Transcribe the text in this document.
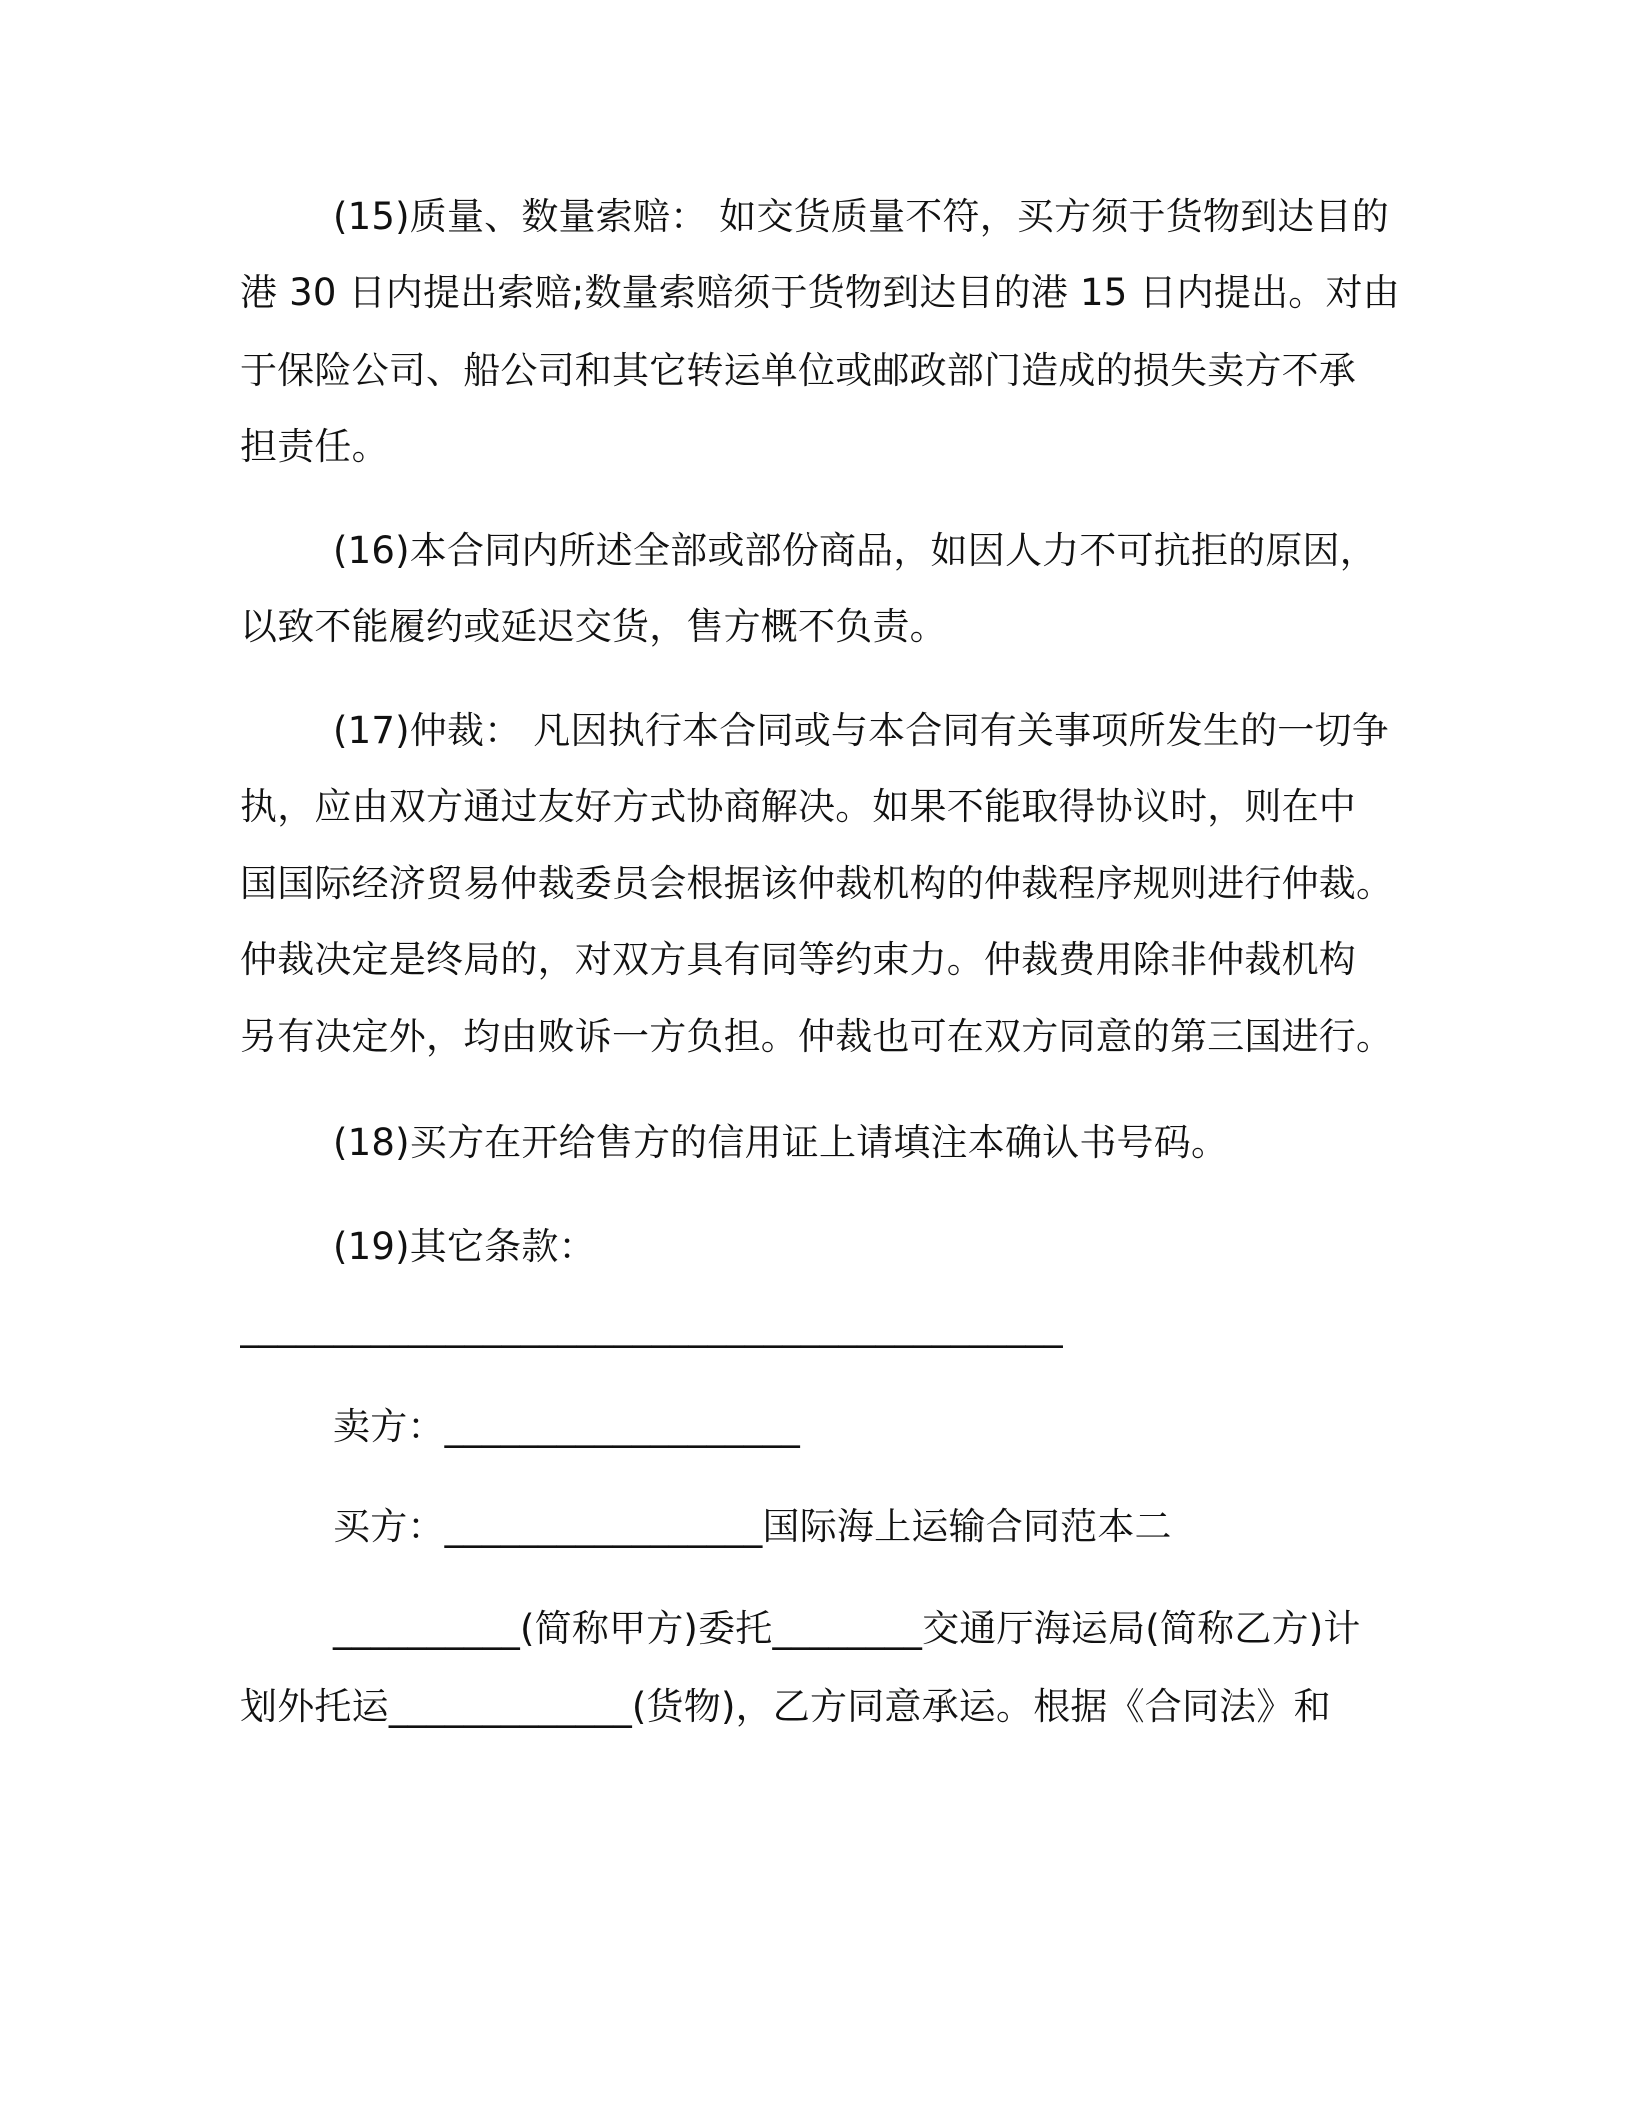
(15)质量、数量索赔： 如交货质量不符，买方须于货物到达目的
港 30 日内提出索赔;数量索赔须于货物到达目的港 15 日内提出。对由
于保险公司、船公司和其它转运单位或邮政部门造成的损失卖方不承
担责任。
(16)本合同内所述全部或部份商品，如因人力不可抗拒的原因，
以致不能履约或延迟交货，售方概不负责。
(17)仲裁： 凡因执行本合同或与本合同有关事项所发生的一切争
执，应由双方通过友好方式协商解决。如果不能取得协议时，则在中
国国际经济贸易仲裁委员会根据该仲裁机构的仲裁程序规则进行仲裁。
仲裁决定是终局的，对双方具有同等约束力。仲裁费用除非仲裁机构
另有决定外，均由败诉一方负担。仲裁也可在双方同意的第三国进行。
(18)买方在开给售方的信用证上请填注本确认书号码。
(19)其它条款：
____________________________________________
卖方：___________________
买方：_________________国际海上运输合同范本二
__________(简称甲方)委托________交通厅海运局(简称乙方)计
划外托运_____________(货物)，乙方同意承运。根据《合同法》和
